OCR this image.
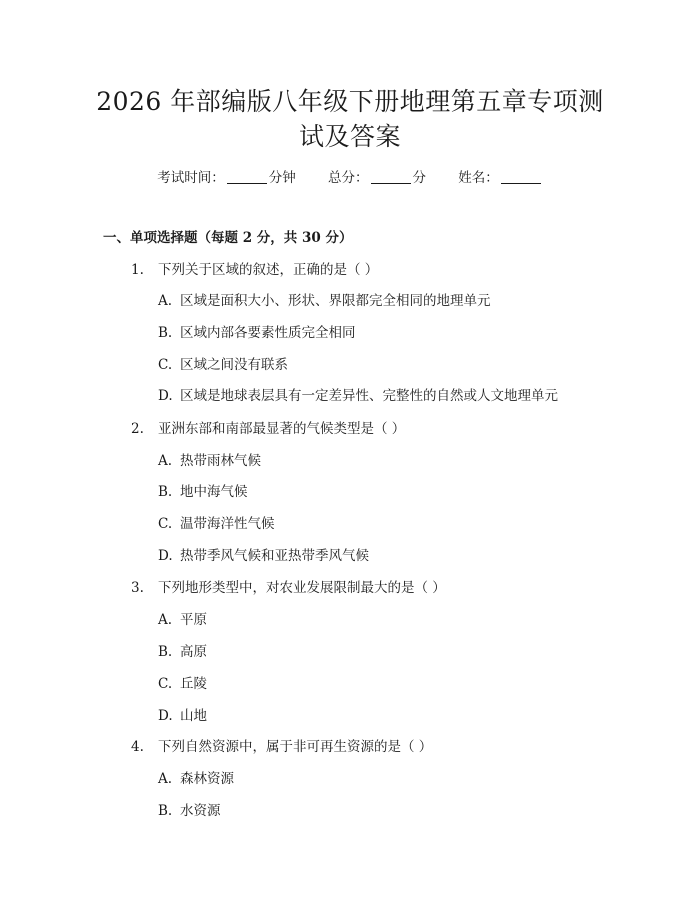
2026 年部编版八年级下册地理第五章专项测
试及答案
考试时间：	分钟 总分：	分 姓名：
一、单项选择题（每题 2 分，共 30 分）
1. 下列关于区域的叙述，正确的是（ ）
A. 区域是面积大小、形状、界限都完全相同的地理单元
B. 区域内部各要素性质完全相同
C. 区域之间没有联系
D. 区域是地球表层具有一定差异性、完整性的自然或人文地理单元
2. 亚洲东部和南部最显著的气候类型是（ ）
A. 热带雨林气候
B. 地中海气候
C. 温带海洋性气候
D. 热带季风气候和亚热带季风气候
3. 下列地形类型中，对农业发展限制最大的是（ ）
A. 平原
B. 高原
C. 丘陵
D. 山地
4. 下列自然资源中，属于非可再生资源的是（ ）
A. 森林资源
B. 水资源
